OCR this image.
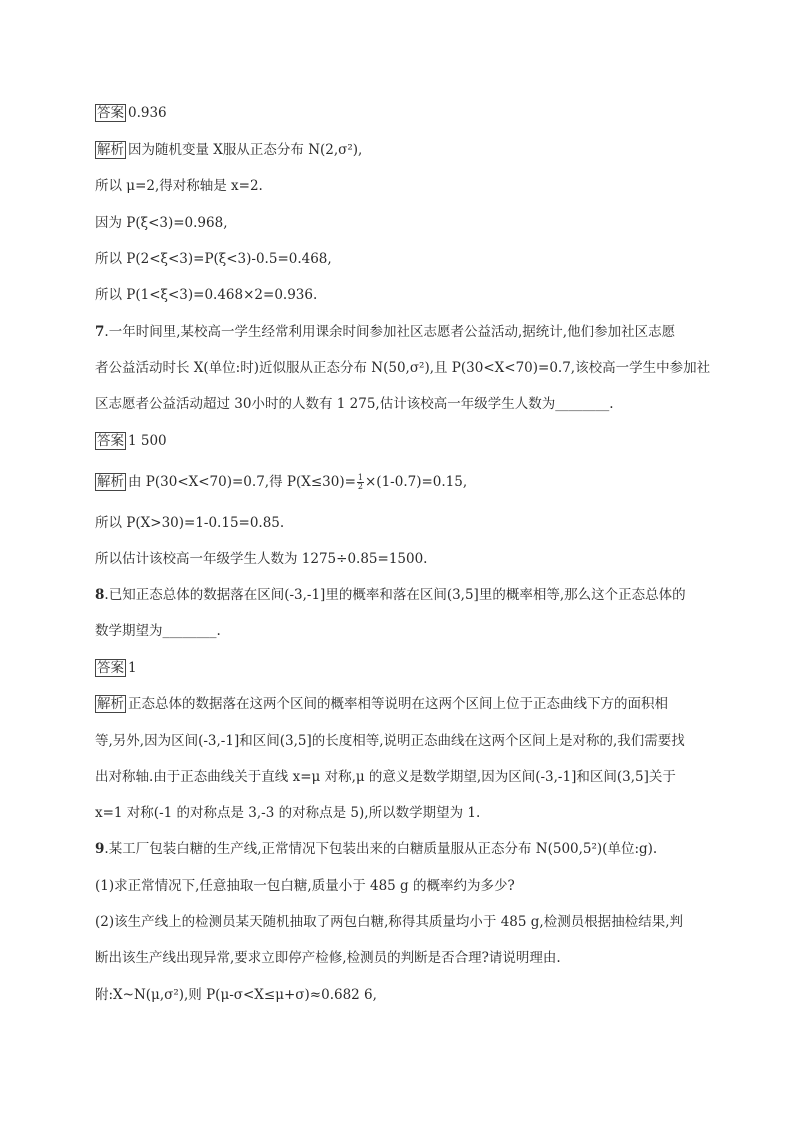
答案 0.936
解析 因为随机变量 X服从正态分布 N(2,σ²),
所以 μ=2,得对称轴是 x=2.
因为 P(ξ<3)=0.968,
所以 P(2<ξ<3)=P(ξ<3)-0.5=0.468,
所以 P(1<ξ<3)=0.468×2=0.936.
7.一年时间里,某校高一学生经常利用课余时间参加社区志愿者公益活动,据统计,他们参加社区志愿
者公益活动时长 X(单位:时)近似服从正态分布 N(50,σ²),且 P(30<X<70)=0.7,该校高一学生中参加社
区志愿者公益活动超过 30小时的人数有 1 275,估计该校高一年级学生人数为________.
答案 1 500
解析 由 P(30<X<70)=0.7,得 $P(X\le 30)= \frac{1}{2} \times(1-0.7)=0.15$,
所以 P(X>30)=1-0.15=0.85.
所以估计该校高一年级学生人数为 1275÷0.85=1500.
8.已知正态总体的数据落在区间(-3,-1]里的概率和落在区间(3,5]里的概率相等,那么这个正态总体的
数学期望为________.
答案 1
解析 正态总体的数据落在这两个区间的概率相等说明在这两个区间上位于正态曲线下方的面积相
等,另外,因为区间(-3,-1]和区间(3,5]的长度相等,说明正态曲线在这两个区间上是对称的,我们需要找
出对称轴.由于正态曲线关于直线 x=μ 对称,μ 的意义是数学期望,因为区间(-3,-1]和区间(3,5]关于
x=1 对称(-1 的对称点是 3,-3 的对称点是 5),所以数学期望为 1.
9.某工厂包装白糖的生产线,正常情况下包装出来的白糖质量服从正态分布 N(500,5²)(单位:g).
(1)求正常情况下,任意抽取一包白糖,质量小于 485 g 的概率约为多少?
(2)该生产线上的检测员某天随机抽取了两包白糖,称得其质量均小于 485 g,检测员根据抽检结果,判
断出该生产线出现异常,要求立即停产检修,检测员的判断是否合理?请说明理由.
附:X~N(μ,σ²),则 P(μ-σ<X≤μ+σ)≈0.682 6,
